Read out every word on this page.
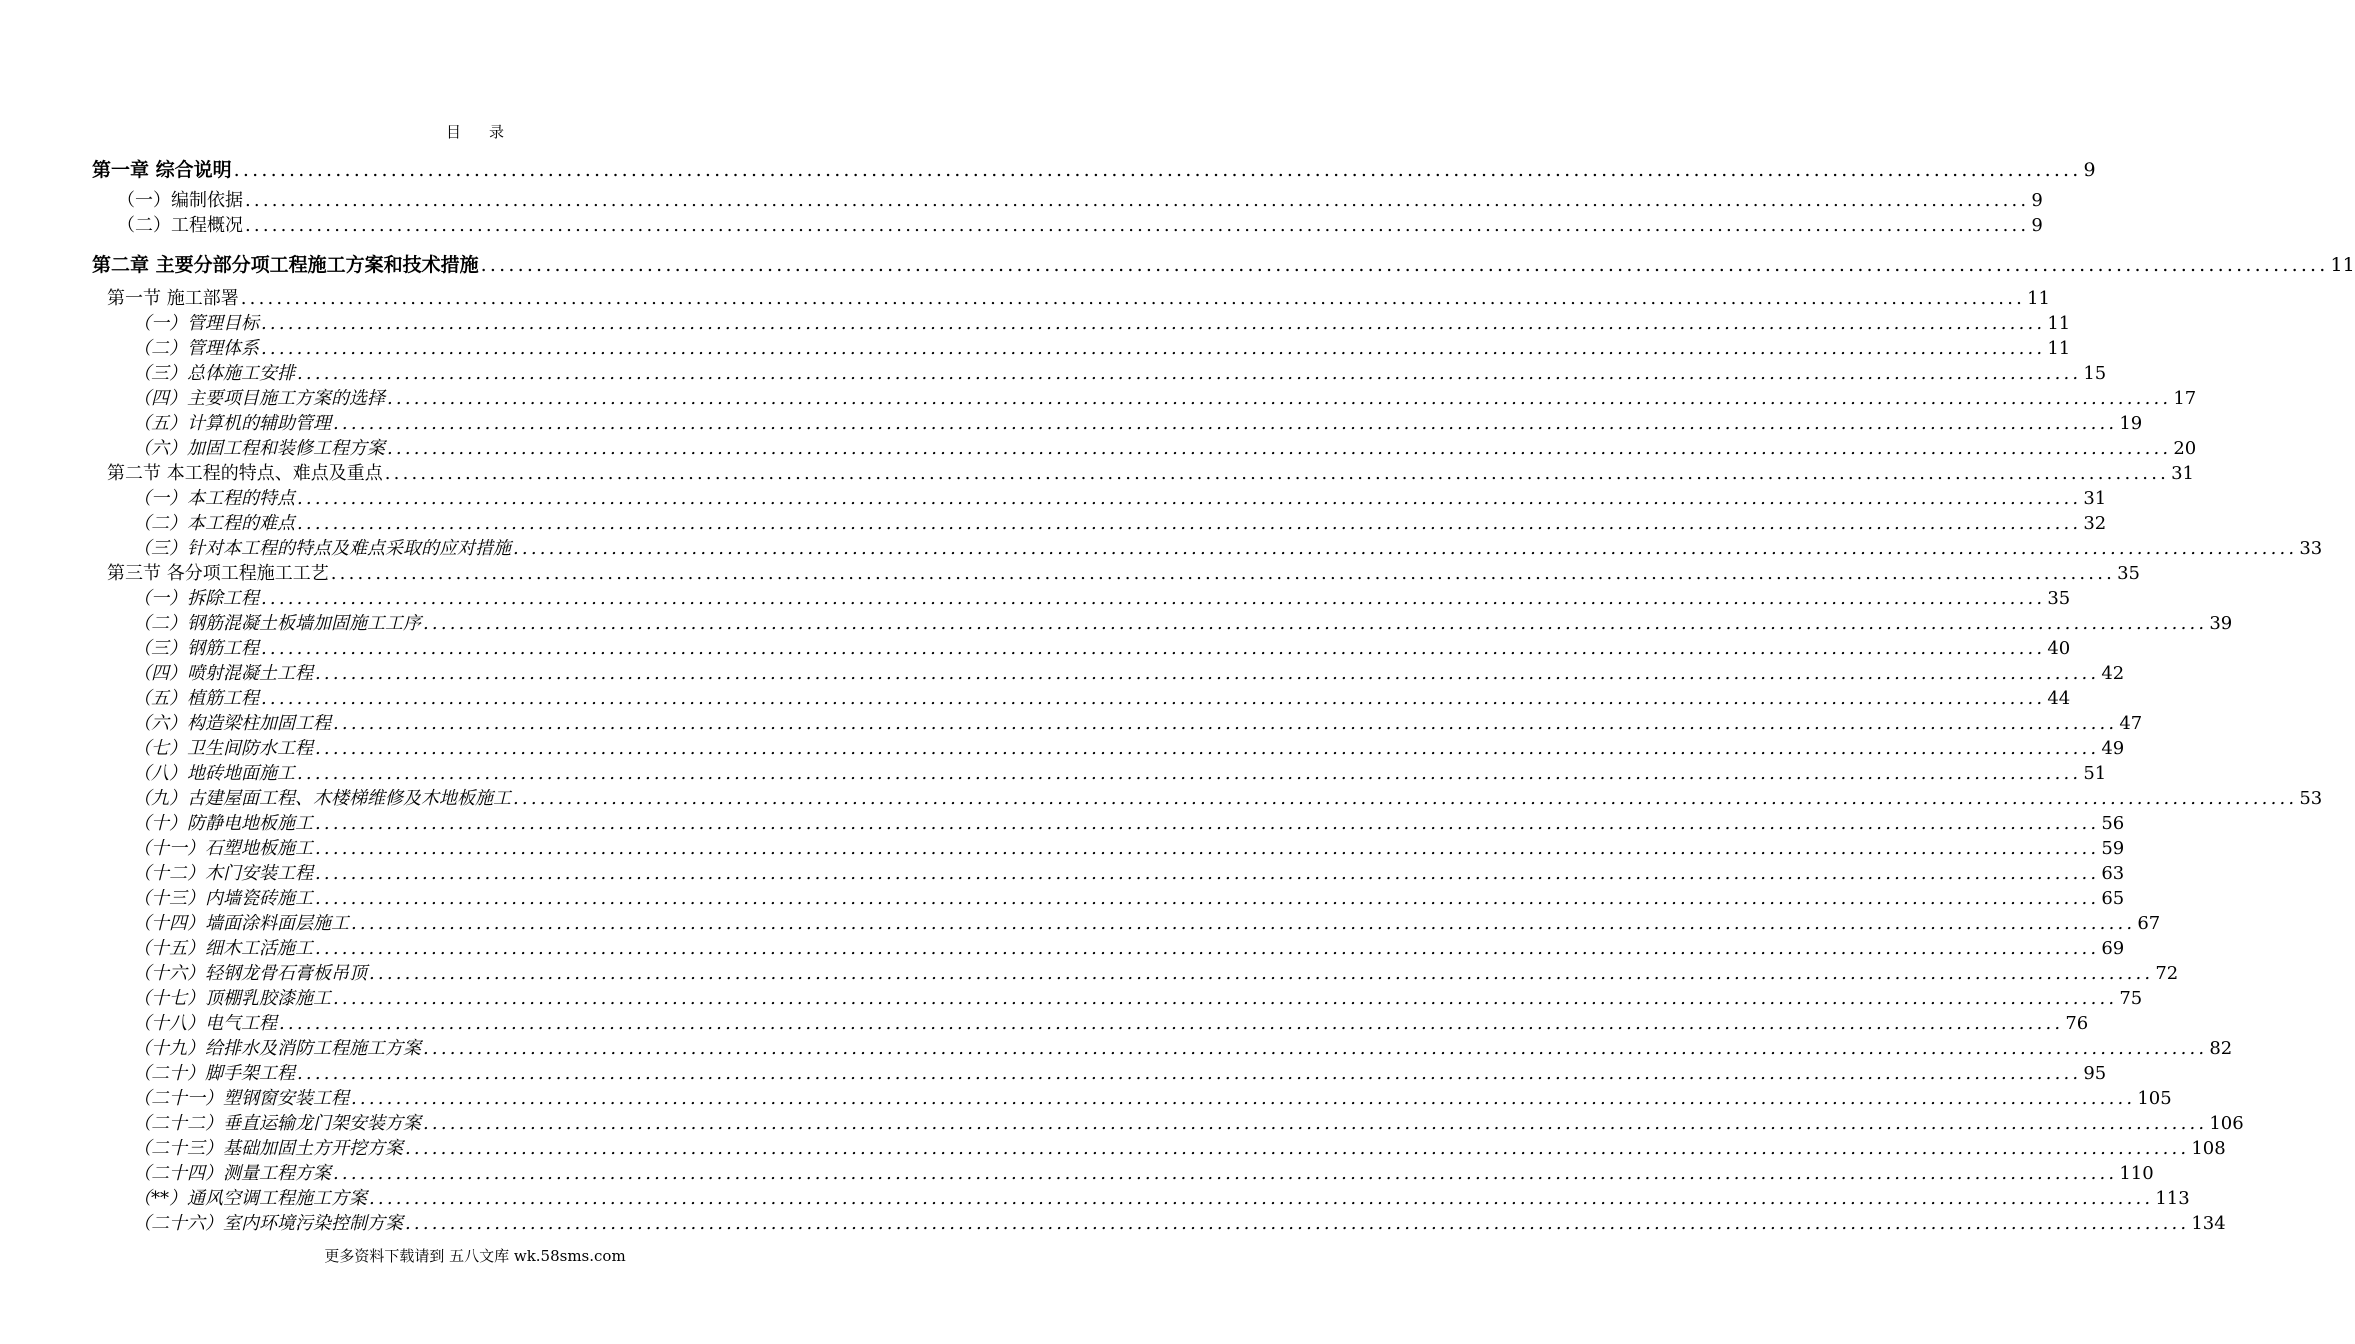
目 录
第一章 综合说明 ........................................................................................................................................................................................................ 9
（一）编制依据 ........................................................................................................................................................................................................ 9
（二）工程概况 ........................................................................................................................................................................................................ 9
第二章 主要分部分项工程施工方案和技术措施 ........................................................................................................................................................................................................ 11
第一节 施工部署 ........................................................................................................................................................................................................ 11
（一）管理目标 ........................................................................................................................................................................................................ 11
（二）管理体系 ........................................................................................................................................................................................................ 11
（三）总体施工安排 ........................................................................................................................................................................................................ 15
（四）主要项目施工方案的选择 ........................................................................................................................................................................................................ 17
（五）计算机的辅助管理 ........................................................................................................................................................................................................ 19
（六）加固工程和装修工程方案 ........................................................................................................................................................................................................ 20
第二节 本工程的特点、难点及重点 ........................................................................................................................................................................................................ 31
（一）本工程的特点 ........................................................................................................................................................................................................ 31
（二）本工程的难点 ........................................................................................................................................................................................................ 32
（三）针对本工程的特点及难点采取的应对措施 ........................................................................................................................................................................................................ 33
第三节 各分项工程施工工艺 ........................................................................................................................................................................................................ 35
（一）拆除工程 ........................................................................................................................................................................................................ 35
（二）钢筋混凝土板墙加固施工工序 ........................................................................................................................................................................................................ 39
（三）钢筋工程 ........................................................................................................................................................................................................ 40
（四）喷射混凝土工程 ........................................................................................................................................................................................................ 42
（五）植筋工程 ........................................................................................................................................................................................................ 44
（六）构造梁柱加固工程 ........................................................................................................................................................................................................ 47
（七）卫生间防水工程 ........................................................................................................................................................................................................ 49
（八）地砖地面施工 ........................................................................................................................................................................................................ 51
（九）古建屋面工程、木楼梯维修及木地板施工 ........................................................................................................................................................................................................ 53
（十）防静电地板施工 ........................................................................................................................................................................................................ 56
（十一）石塑地板施工 ........................................................................................................................................................................................................ 59
（十二）木门安装工程 ........................................................................................................................................................................................................ 63
（十三）内墙瓷砖施工 ........................................................................................................................................................................................................ 65
（十四）墙面涂料面层施工 ........................................................................................................................................................................................................ 67
（十五）细木工活施工 ........................................................................................................................................................................................................ 69
（十六）轻钢龙骨石膏板吊顶 ........................................................................................................................................................................................................ 72
（十七）顶棚乳胶漆施工 ........................................................................................................................................................................................................ 75
（十八）电气工程 ........................................................................................................................................................................................................ 76
（十九）给排水及消防工程施工方案 ........................................................................................................................................................................................................ 82
（二十）脚手架工程 ........................................................................................................................................................................................................ 95
（二十一）塑钢窗安装工程 ........................................................................................................................................................................................................ 105
（二十二）垂直运输龙门架安装方案 ........................................................................................................................................................................................................ 106
（二十三）基础加固土方开挖方案 ........................................................................................................................................................................................................ 108
（二十四）测量工程方案 ........................................................................................................................................................................................................ 110
（**）通风空调工程施工方案 ........................................................................................................................................................................................................ 113
（二十六）室内环境污染控制方案 ........................................................................................................................................................................................................ 134
更多资料下载请到 五八文库 wk.58sms.com
